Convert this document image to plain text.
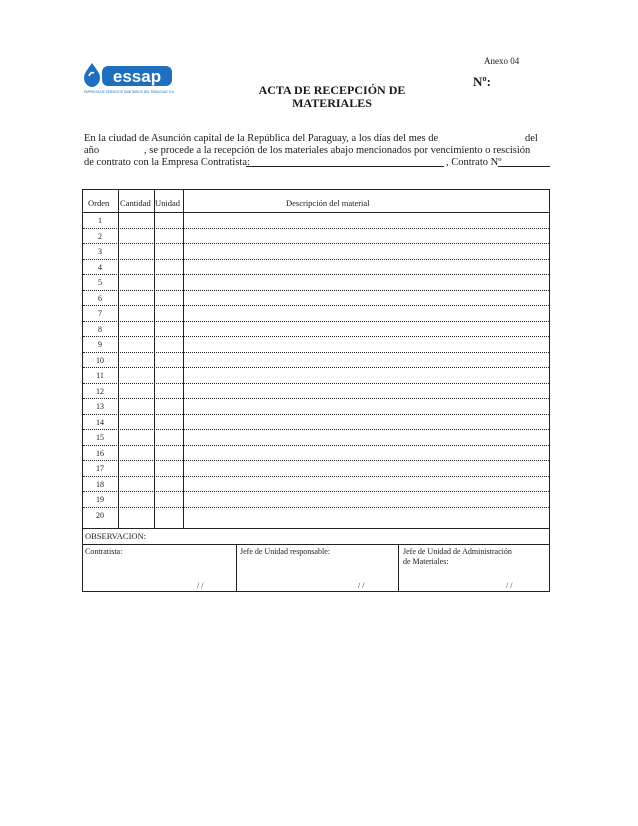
essap
EMPRESA DE SERVICIOS SANITARIOS DEL PARAGUAY S.A.
Anexo 04
Nº:
ACTA DE RECEPCIÓN DE
MATERIALES
En la ciudad de Asunción capital de la República del Paraguay, a los días del mes de	del
año	, se procede a la recepción de los materiales abajo mencionados por vencimiento o rescisión
de contrato con la Empresa Contratista:	, Contrato Nº
Orden Cantidad Unidad	Descripción del material
1
2
3
4
5
6
7
8
9
10
11
12
13
14
15
16
17
18
19
20
OBSERVACION:
Contratista:	Jefe de Unidad responsable:	Jefe de Unidad de Administración
de Materiales:
/ /	/ /	/ /
